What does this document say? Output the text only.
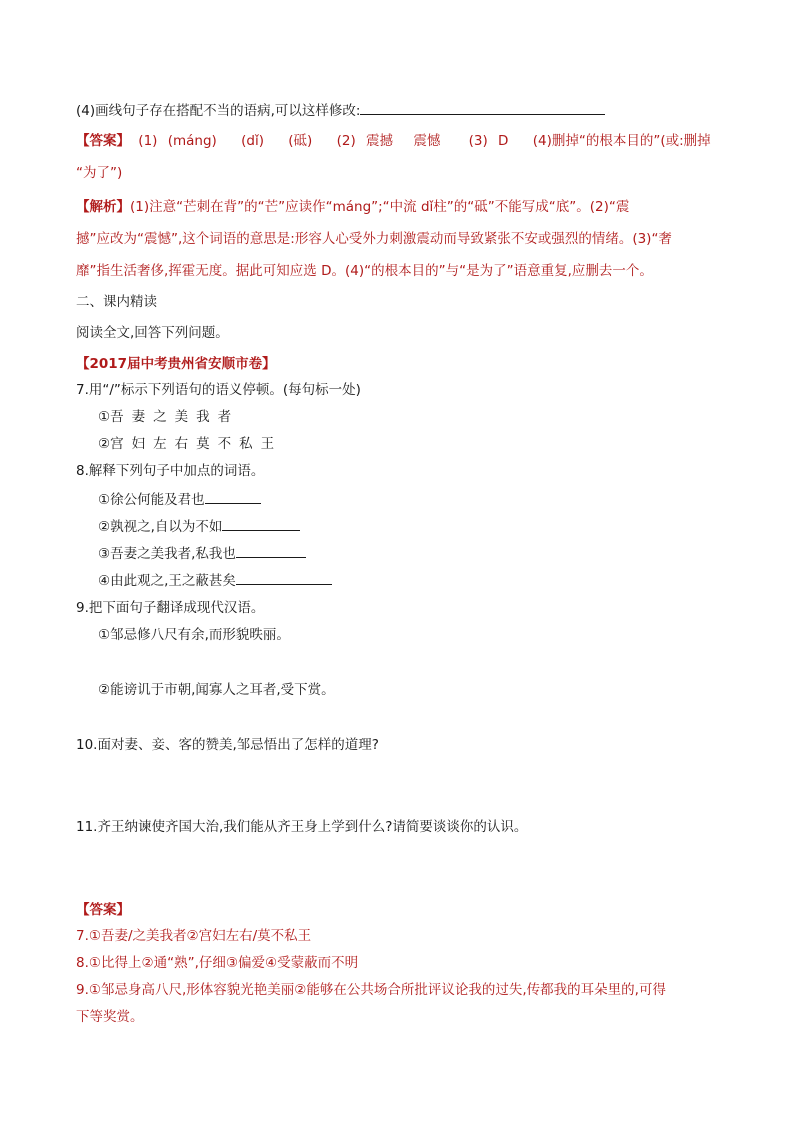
(4)画线句子存在搭配不当的语病,可以这样修改:
【答案】 (1) (máng) (dǐ) (砥) (2) 震撼 震憾 (3) D (4)删掉“的根本目的”(或:删掉
“为了”)
【解析】(1)注意“芒刺在背”的“芒”应读作“máng”;“中流 dǐ柱”的“砥”不能写成“底”。(2)“震
撼”应改为“震憾”,这个词语的意思是:形容人心受外力刺激震动而导致紧张不安或强烈的情绪。(3)“奢
靡”指生活奢侈,挥霍无度。据此可知应选 D。(4)“的根本目的”与“是为了”语意重复,应删去一个。
二、课内精读
阅读全文,回答下列问题。
【2017届中考贵州省安顺市卷】
7.用“/”标示下列语句的语义停顿。(每句标一处)
①吾 妻 之 美 我 者
②宫 妇 左 右 莫 不 私 王
8.解释下列句子中加点的词语。
①徐公何能及君也
②孰视之,自以为不如
③吾妻之美我者,私我也
④由此观之,王之蔽甚矣
9.把下面句子翻译成现代汉语。
①邹忌修八尺有余,而形貌昳丽。
②能谤讥于市朝,闻寡人之耳者,受下赏。
10.面对妻、妾、客的赞美,邹忌悟出了怎样的道理?
11.齐王纳谏使齐国大治,我们能从齐王身上学到什么?请简要谈谈你的认识。
【答案】
7.①吾妻/之美我者②宫妇左右/莫不私王
8.①比得上②通“熟”,仔细③偏爱④受蒙蔽而不明
9.①邹忌身高八尺,形体容貌光艳美丽②能够在公共场合所批评议论我的过失,传都我的耳朵里的,可得
下等奖赏。
